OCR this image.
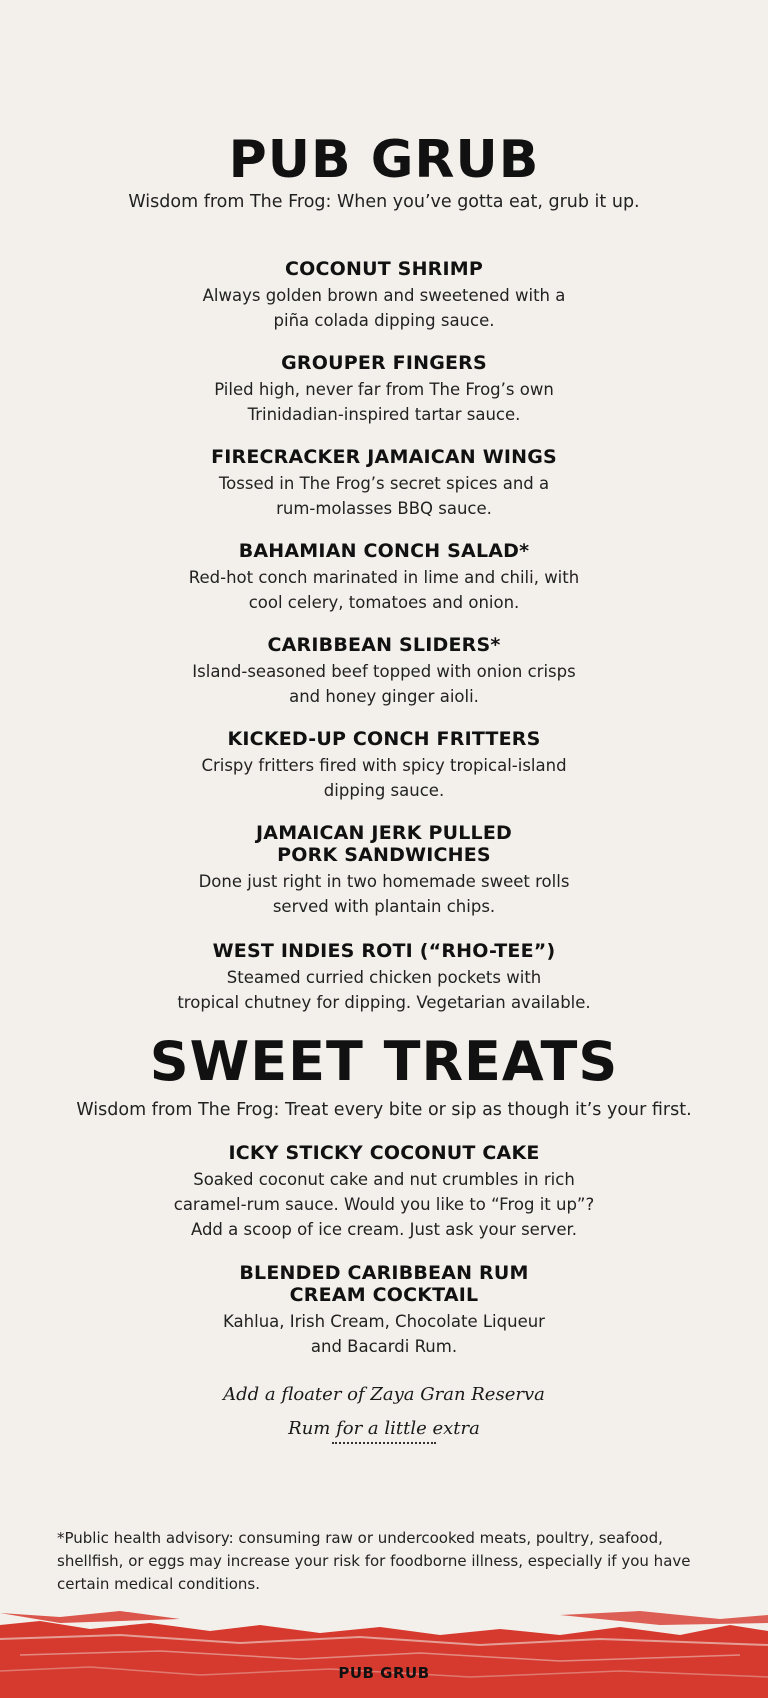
PUB GRUB
Wisdom from The Frog: When you’ve gotta eat, grub it up.
COCONUT SHRIMP
Always golden brown and sweetened with a
piña colada dipping sauce.
GROUPER FINGERS
Piled high, never far from The Frog’s own
Trinidadian-inspired tartar sauce.
FIRECRACKER JAMAICAN WINGS
Tossed in The Frog’s secret spices and a
rum-molasses BBQ sauce.
BAHAMIAN CONCH SALAD*
Red-hot conch marinated in lime and chili, with
cool celery, tomatoes and onion.
CARIBBEAN SLIDERS*
Island-seasoned beef topped with onion crisps
and honey ginger aioli.
KICKED-UP CONCH FRITTERS
Crispy fritters fired with spicy tropical-island
dipping sauce.
JAMAICAN JERK PULLED
PORK SANDWICHES
Done just right in two homemade sweet rolls
served with plantain chips.
WEST INDIES ROTI (“RHO-TEE”)
Steamed curried chicken pockets with
tropical chutney for dipping. Vegetarian available.
SWEET TREATS
Wisdom from The Frog: Treat every bite or sip as though it’s your first.
ICKY STICKY COCONUT CAKE
Soaked coconut cake and nut crumbles in rich
caramel-rum sauce. Would you like to “Frog it up”?
Add a scoop of ice cream. Just ask your server.
BLENDED CARIBBEAN RUM
CREAM COCKTAIL
Kahlua, Irish Cream, Chocolate Liqueur
and Bacardi Rum.
Add a floater of Zaya Gran Reserva
Rum for a little extra
*Public health advisory: consuming raw or undercooked meats, poultry, seafood,
shellfish, or eggs may increase your risk for foodborne illness, especially if you have
certain medical conditions.
PUB GRUB
